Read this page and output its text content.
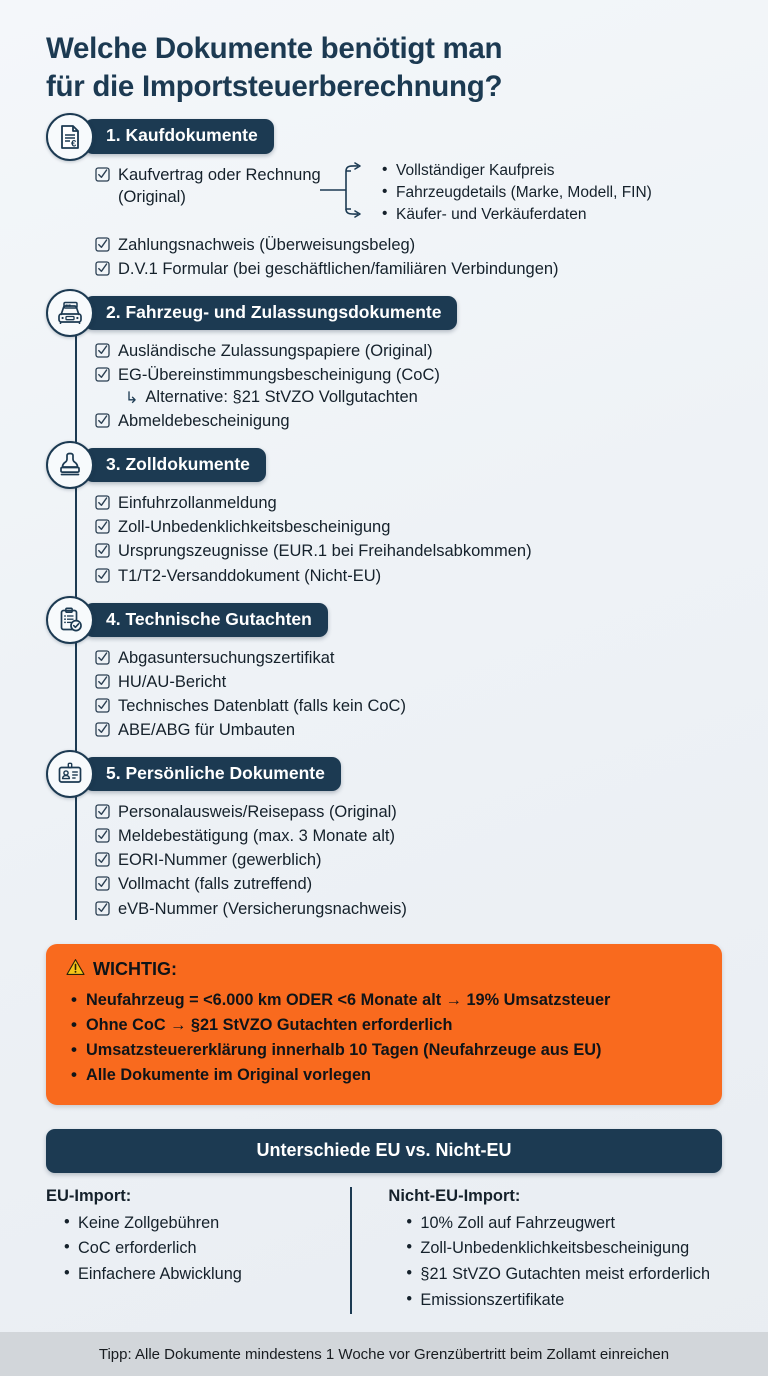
Welche Dokumente benötigt man
für die Importsteuerberechnung?
€	1. Kaufdokumente
Kaufvertrag oder Rechnung (Original)
• Vollständiger Kaufpreis
• Fahrzeugdetails (Marke, Modell, FIN)
• Käufer- und Verkäuferdaten
Zahlungsnachweis (Überweisungsbeleg)
D.V.1 Formular (bei geschäftlichen/familiären Verbindungen)
■■	2. Fahrzeug- und Zulassungsdokumente
Ausländische Zulassungspapiere (Original)
EG-Übereinstimmungsbescheinigung (CoC)
↳ Alternative: §21 StVZO Vollgutachten
Abmeldebescheinigung
3. Zolldokumente
Einfuhrzollanmeldung
Zoll-Unbedenklichkeitsbescheinigung
Ursprungszeugnisse (EUR.1 bei Freihandelsabkommen)
T1/T2-Versanddokument (Nicht-EU)
4. Technische Gutachten
Abgasuntersuchungszertifikat
HU/AU-Bericht
Technisches Datenblatt (falls kein CoC)
ABE/ABG für Umbauten
5. Persönliche Dokumente
Personalausweis/Reisepass (Original)
Meldebestätigung (max. 3 Monate alt)
EORI-Nummer (gewerblich)
Vollmacht (falls zutreffend)
eVB-Nummer (Versicherungsnachweis)
WICHTIG:
• Neufahrzeug = <6.000 km ODER <6 Monate alt → 19% Umsatzsteuer
• Ohne CoC → §21 StVZO Gutachten erforderlich
• Umsatzsteuererklärung innerhalb 10 Tagen (Neufahrzeuge aus EU)
• Alle Dokumente im Original vorlegen
Unterschiede EU vs. Nicht-EU
EU-Import:
• Keine Zollgebühren
• CoC erforderlich
• Einfachere Abwicklung
Nicht-EU-Import:
• 10% Zoll auf Fahrzeugwert
• Zoll-Unbedenklichkeitsbescheinigung
• §21 StVZO Gutachten meist erforderlich
• Emissionszertifikate
Tipp: Alle Dokumente mindestens 1 Woche vor Grenzübertritt beim Zollamt einreichen
